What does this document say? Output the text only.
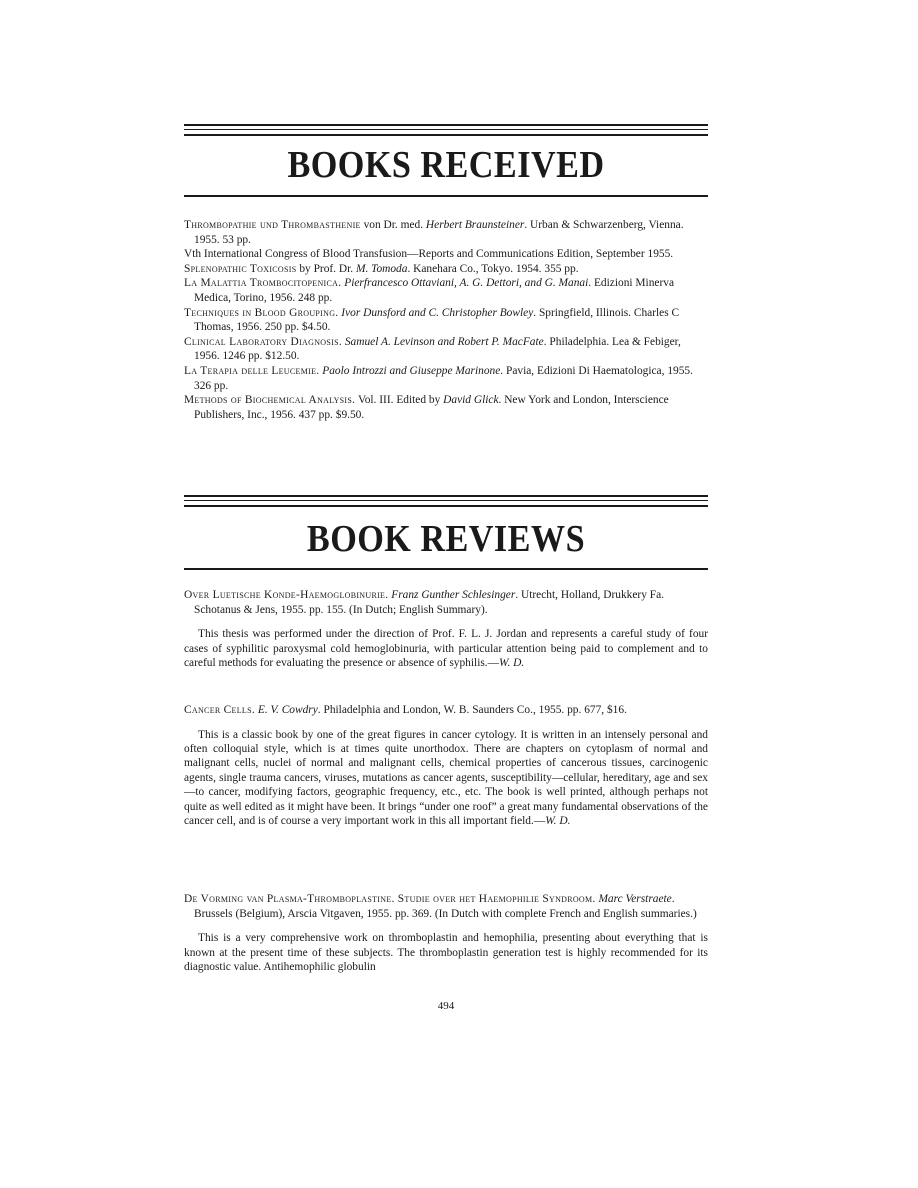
BOOKS RECEIVED

Thrombopathie und Thrombasthenie von Dr. med. Herbert Braunsteiner. Urban & Schwarzenberg, Vienna. 1955. 53 pp.

Vth International Congress of Blood Transfusion—Reports and Communications Edition, September 1955.

Splenopathic Toxicosis by Prof. Dr. M. Tomoda. Kanehara Co., Tokyo. 1954. 355 pp.

La Malattia Trombocitopenica. Pierfrancesco Ottaviani, A. G. Dettori, and G. Manai. Edizioni Minerva Medica, Torino, 1956. 248 pp.

Techniques in Blood Grouping. Ivor Dunsford and C. Christopher Bowley. Springfield, Illinois. Charles C Thomas, 1956. 250 pp. $4.50.

Clinical Laboratory Diagnosis. Samuel A. Levinson and Robert P. MacFate. Philadelphia. Lea & Febiger, 1956. 1246 pp. $12.50.

La Terapia delle Leucemie. Paolo Introzzi and Giuseppe Marinone. Pavia, Edizioni Di Haematologica, 1955. 326 pp.

Methods of Biochemical Analysis. Vol. III. Edited by David Glick. New York and London, Interscience Publishers, Inc., 1956. 437 pp. $9.50.

BOOK REVIEWS

Over Luetische Konde-Haemoglobinurie. Franz Gunther Schlesinger. Utrecht, Holland, Drukkery Fa. Schotanus & Jens, 1955. pp. 155. (In Dutch; English Summary).

This thesis was performed under the direction of Prof. F. L. J. Jordan and represents a careful study of four cases of syphilitic paroxysmal cold hemoglobinuria, with particular attention being paid to complement and to careful methods for evaluating the presence or absence of syphilis.—W. D.

Cancer Cells. E. V. Cowdry. Philadelphia and London, W. B. Saunders Co., 1955. pp. 677, $16.

This is a classic book by one of the great figures in cancer cytology. It is written in an intensely personal and often colloquial style, which is at times quite unorthodox. There are chapters on cytoplasm of normal and malignant cells, nuclei of normal and malignant cells, chemical properties of cancerous tissues, carcinogenic agents, single trauma cancers, viruses, mutations as cancer agents, susceptibility—cellular, hereditary, age and sex—to cancer, modifying factors, geographic frequency, etc., etc. The book is well printed, although perhaps not quite as well edited as it might have been. It brings “under one roof” a great many fundamental observations of the cancer cell, and is of course a very important work in this all important field.—W. D.

De Vorming van Plasma-Thromboplastine. Studie over het Haemophilie Syndroom. Marc Verstraete. Brussels (Belgium), Arscia Vitgaven, 1955. pp. 369. (In Dutch with complete French and English summaries.)

This is a very comprehensive work on thromboplastin and hemophilia, presenting about everything that is known at the present time of these subjects. The thromboplastin generation test is highly recommended for its diagnostic value. Antihemophilic globulin

494
